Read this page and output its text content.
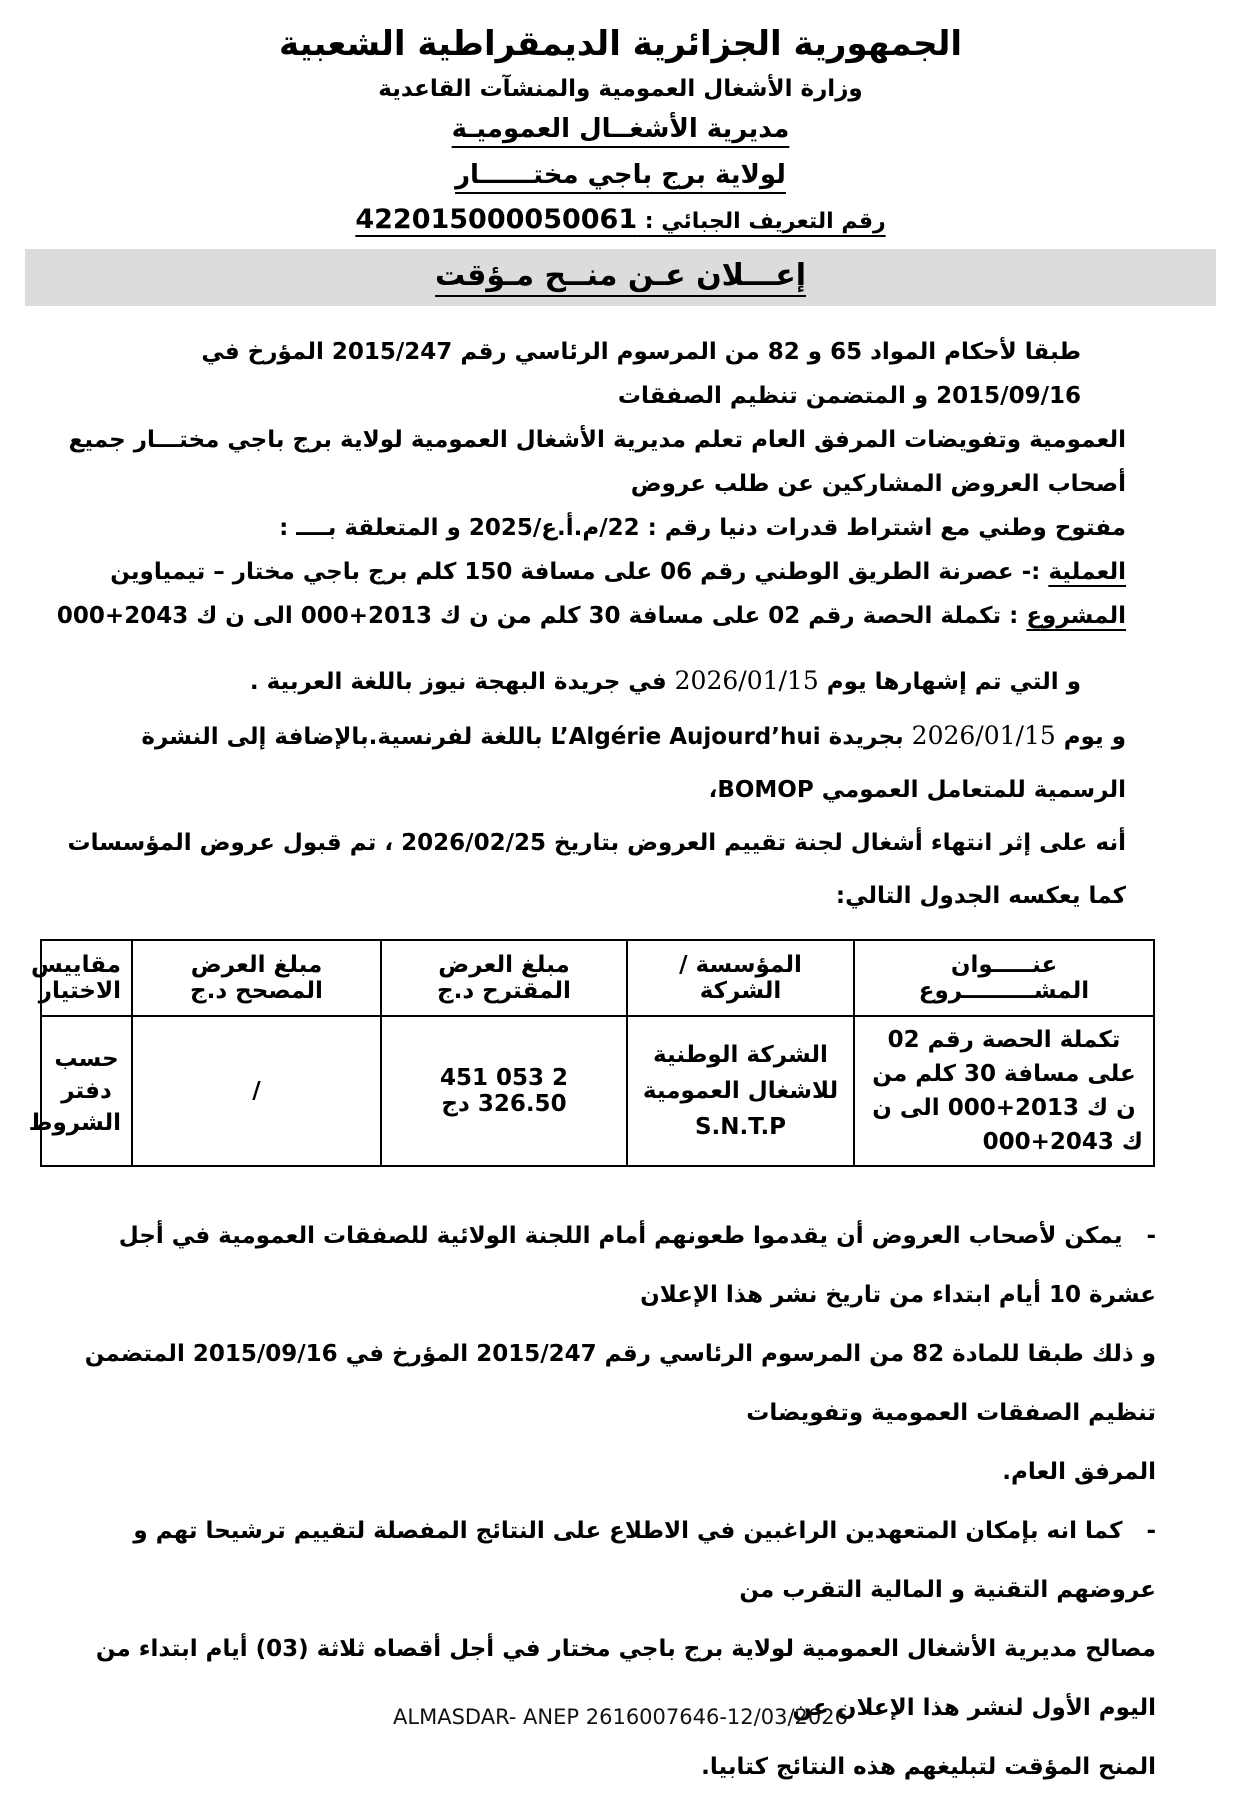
الجمهورية الجزائرية الديمقراطية الشعبية
وزارة الأشغال العمومية والمنشآت القاعدية
مديرية الأشغــال العموميـة
لولاية برج باجي مختــــــار
رقم التعريف الجبائي : 422015000050061
إعـــلان عـن منــح مـؤقت
طبقا لأحكام المواد 65 و 82 من المرسوم الرئاسي رقم 2015/247 المؤرخ في 2015/09/16 و المتضمن تنظيم الصفقات
العمومية وتفويضات المرفق العام تعلم مديرية الأشغال العمومية لولاية برج باجي مختـــار جميع أصحاب العروض المشاركين عن طلب عروض
مفتوح وطني مع اشتراط قدرات دنيا رقم : 22/م.أ.ع/2025 و المتعلقة بــــ :
العملية :- عصرنة الطريق الوطني رقم 06 على مسافة 150 كلم برج باجي مختار – تيمياوين
المشروع : تكملة الحصة رقم 02 على مسافة 30 كلم من ن ك 2013+000 الى ن ك 2043+000
و التي تم إشهارها يوم 2026/01/15 في جريدة البهجة نيوز باللغة العربية .
و يوم 2026/01/15 بجريدة L’Algérie Aujourd’hui باللغة لفرنسية.بالإضافة إلى النشرة الرسمية للمتعامل العمومي BOMOP،
أنه على إثر انتهاء أشغال لجنة تقييم العروض بتاريخ 2026/02/25 ، تم قبول عروض المؤسسات كما يعكسه الجدول التالي:
عنـــــوان المشـــــــــروع	المؤسسة / الشركة	مبلغ العرض المقترح د.ج	مبلغ العرض المصحح د.ج	مقاييس الاختيار
تكملة الحصة رقم 02 على مسافة 30 كلم من ن ك 2013+000 الى ن ك 2043+000	الشركة الوطنية للاشغال العمومية S.N.T.P	2 053 451 326.50 دج	/	حسب دفتر الشروط
-يمكن لأصحاب العروض أن يقدموا طعونهم أمام اللجنة الولائية للصفقات العمومية في أجل عشرة 10 أيام ابتداء من تاريخ نشر هذا الإعلان
و ذلك طبقا للمادة 82 من المرسوم الرئاسي رقم 2015/247 المؤرخ في 2015/09/16 المتضمن تنظيم الصفقات العمومية وتفويضات
المرفق العام.
-كما انه بإمكان المتعهدين الراغبين في الاطلاع على النتائج المفصلة لتقييم ترشيحا تهم و عروضهم التقنية و المالية التقرب من
مصالح مديرية الأشغال العمومية لولاية برج باجي مختار في أجل أقصاه ثلاثة (03) أيام ابتداء من اليوم الأول لنشر هذا الإعلان عن
المنح المؤقت لتبليغهم هذه النتائج كتابيا.
ALMASDAR- ANEP 2616007646-12/03/2026
